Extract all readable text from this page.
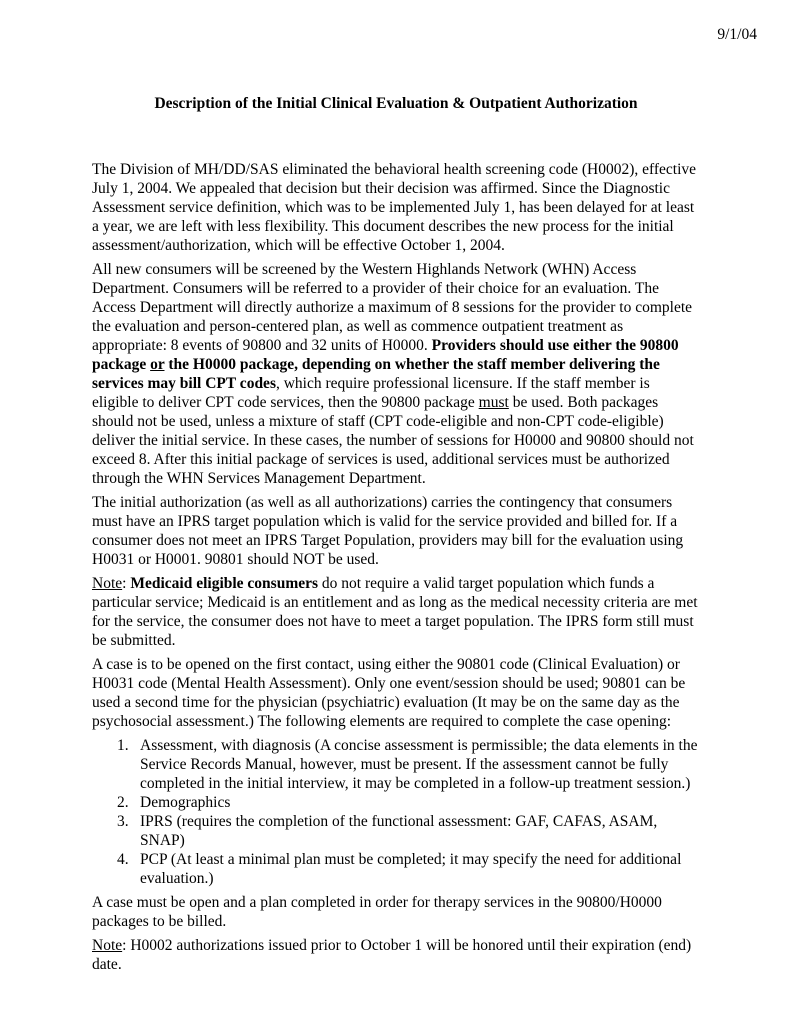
9/1/04
Description of the Initial Clinical Evaluation & Outpatient Authorization

The Division of MH/DD/SAS eliminated the behavioral health screening code (H0002), effective July 1, 2004. We appealed that decision but their decision was affirmed. Since the Diagnostic Assessment service definition, which was to be implemented July 1, has been delayed for at least a year, we are left with less flexibility. This document describes the new process for the initial assessment/authorization, which will be effective October 1, 2004.

All new consumers will be screened by the Western Highlands Network (WHN) Access Department. Consumers will be referred to a provider of their choice for an evaluation. The Access Department will directly authorize a maximum of 8 sessions for the provider to complete the evaluation and person-centered plan, as well as commence outpatient treatment as appropriate: 8 events of 90800 and 32 units of H0000. Providers should use either the 90800 package or the H0000 package, depending on whether the staff member delivering the services may bill CPT codes, which require professional licensure. If the staff member is eligible to deliver CPT code services, then the 90800 package must be used. Both packages should not be used, unless a mixture of staff (CPT code-eligible and non-CPT code-eligible) deliver the initial service. In these cases, the number of sessions for H0000 and 90800 should not exceed 8. After this initial package of services is used, additional services must be authorized through the WHN Services Management Department.

The initial authorization (as well as all authorizations) carries the contingency that consumers must have an IPRS target population which is valid for the service provided and billed for. If a consumer does not meet an IPRS Target Population, providers may bill for the evaluation using H0031 or H0001. 90801 should NOT be used.

Note: Medicaid eligible consumers do not require a valid target population which funds a particular service; Medicaid is an entitlement and as long as the medical necessity criteria are met for the service, the consumer does not have to meet a target population. The IPRS form still must be submitted.

A case is to be opened on the first contact, using either the 90801 code (Clinical Evaluation) or H0031 code (Mental Health Assessment). Only one event/session should be used; 90801 can be used a second time for the physician (psychiatric) evaluation (It may be on the same day as the psychosocial assessment.) The following elements are required to complete the case opening:

Assessment, with diagnosis (A concise assessment is permissible; the data elements in the Service Records Manual, however, must be present. If the assessment cannot be fully completed in the initial interview, it may be completed in a follow-up treatment session.)
Demographics
IPRS (requires the completion of the functional assessment: GAF, CAFAS, ASAM, SNAP)
PCP (At least a minimal plan must be completed; it may specify the need for additional evaluation.)

A case must be open and a plan completed in order for therapy services in the 90800/H0000 packages to be billed.

Note: H0002 authorizations issued prior to October 1 will be honored until their expiration (end) date.
